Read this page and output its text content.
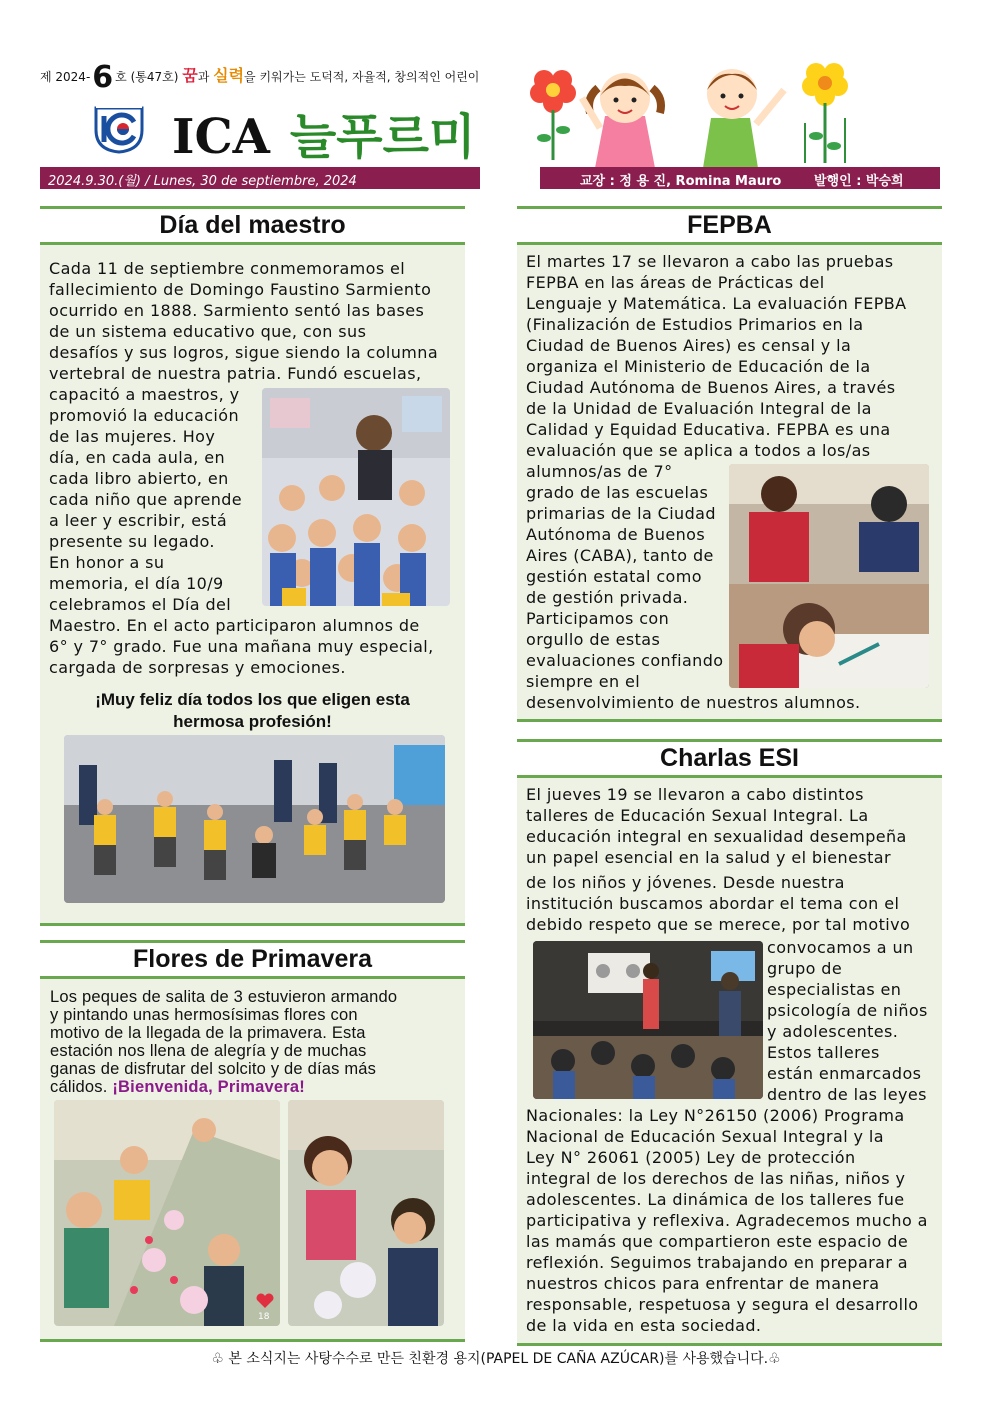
제 2024-6 호 (통47호) 꿈과 실력을 키워가는 도덕적, 자율적, 창의적인 어린이
ICA 늘푸르미
2024.9.30.(월) / Lunes, 30 de septiembre, 2024	교장 : 정 용 진, Romina Mauro	발행인 : 박승희
Día del maestro

Cada 11 de septiembre conmemoramos el

fallecimiento de Domingo Faustino Sarmiento

ocurrido en 1888. Sarmiento sentó las bases

de un sistema educativo que, con sus

desafíos y sus logros, sigue siendo la columna

vertebral de nuestra patria. Fundó escuelas,

capacitó a maestros, y

promovió la educación

de las mujeres. Hoy

día, en cada aula, en

cada libro abierto, en

cada niño que aprende

a leer y escribir, está

presente su legado.

En honor a su

memoria, el día 10/9

celebramos el Día del

Maestro. En el acto participaron alumnos de

6° y 7° grado. Fue una mañana muy especial,

cargada de sorpresas y emociones.

¡Muy feliz día todos los que eligen esta
hermosa profesión!
Flores de Primavera
Los peques de salita de 3 estuvieron armando
y pintando unas hermosísimas flores con
motivo de la llegada de la primavera. Esta
estación nos llena de alegría y de muchas
ganas de disfrutar del solcito y de días más
cálidos. ¡Bienvenida, Primavera!
18
FEPBA

El martes 17 se llevaron a cabo las pruebas

FEPBA en las áreas de Prácticas del

Lenguaje y Matemática. La evaluación FEPBA

(Finalización de Estudios Primarios en la

Ciudad de Buenos Aires) es censal y la

organiza el Ministerio de Educación de la

Ciudad Autónoma de Buenos Aires, a través

de la Unidad de Evaluación Integral de la

Calidad y Equidad Educativa. FEPBA es una

evaluación que se aplica a todos a los/as

alumnos/as de 7°

grado de las escuelas

primarias de la Ciudad

Autónoma de Buenos

Aires (CABA), tanto de

gestión estatal como

de gestión privada.

Participamos con

orgullo de estas

evaluaciones confiando

siempre en el

desenvolvimiento de nuestros alumnos.

Charlas ESI

El jueves 19 se llevaron a cabo distintos

talleres de Educación Sexual Integral. La

educación integral en sexualidad desempeña

un papel esencial en la salud y el bienestar

de los niños y jóvenes. Desde nuestra

institución buscamos abordar el tema con el

debido respeto que se merece, por tal motivo

convocamos a un

grupo de

especialistas en

psicología de niños

y adolescentes.

Estos talleres

están enmarcados

dentro de las leyes

Nacionales: la Ley N°26150 (2006) Programa

Nacional de Educación Sexual Integral y la

Ley N° 26061 (2005) Ley de protección

integral de los derechos de las niñas, niños y

adolescentes. La dinámica de los talleres fue

participativa y reflexiva. Agradecemos mucho a

las mamás que compartieron este espacio de

reflexión. Seguimos trabajando en preparar a

nuestros chicos para enfrentar de manera

responsable, respetuosa y segura el desarrollo

de la vida en esta sociedad.

♧ 본 소식지는 사탕수수로 만든 친환경 용지(PAPEL DE CAÑA AZÚCAR)를 사용했습니다.♧
